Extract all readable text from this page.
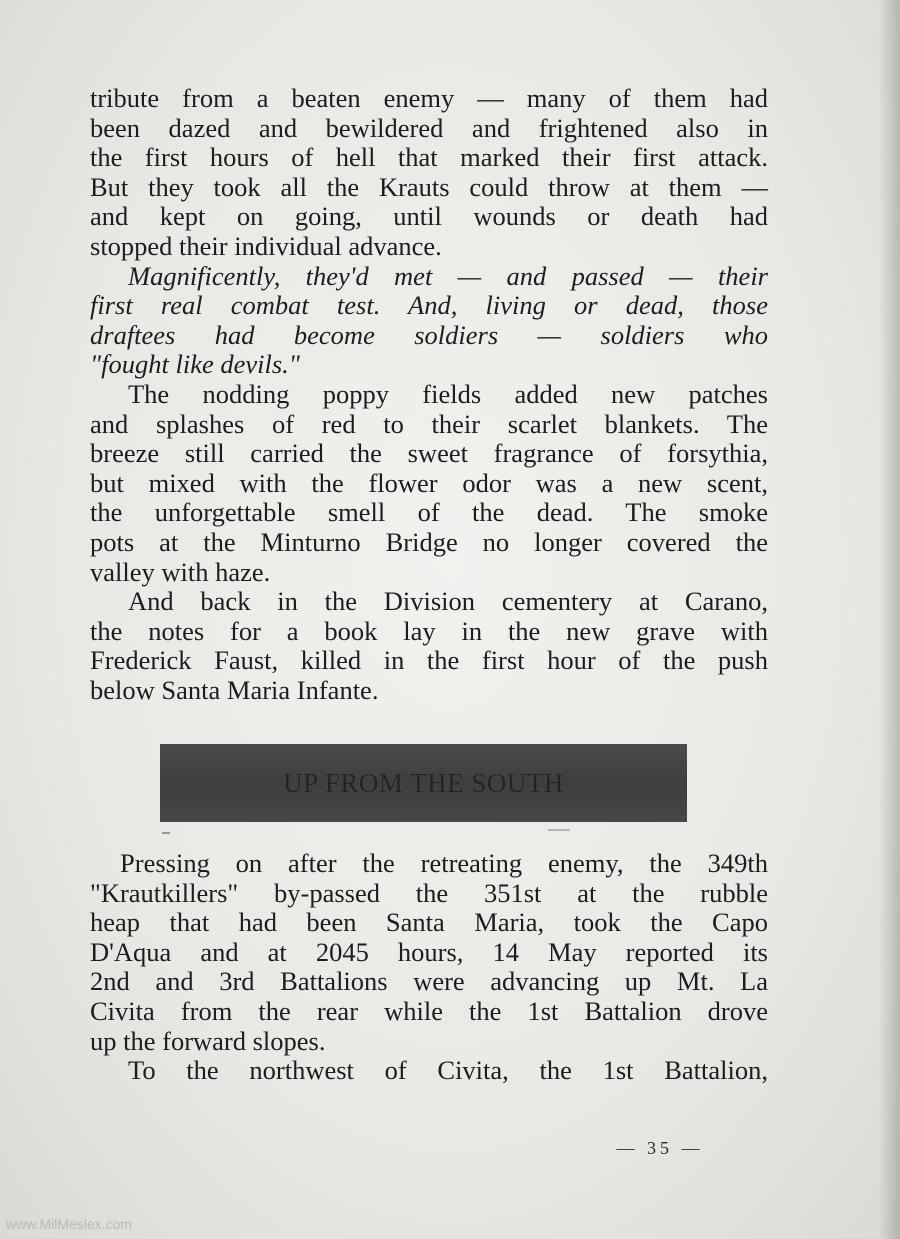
tribute from a beaten enemy — many of them had
been dazed and bewildered and frightened also in
the first hours of hell that marked their first attack.
But they took all the Krauts could throw at them —
and kept on going, until wounds or death had
stopped their individual advance.

Magnificently, they'd met — and passed — their
first real combat test. And, living or dead, those
draftees had become soldiers — soldiers who
"fought like devils."

The nodding poppy fields added new patches
and splashes of red to their scarlet blankets. The
breeze still carried the sweet fragrance of forsythia,
but mixed with the flower odor was a new scent,
the unforgettable smell of the dead. The smoke
pots at the Minturno Bridge no longer covered the
valley with haze.

And back in the Division cementery at Carano,
the notes for a book lay in the new grave with
Frederick Faust, killed in the first hour of the push
below Santa Maria Infante.

UP FROM THE SOUTH

Pressing on after the retreating enemy, the 349th
"Krautkillers" by-passed the 351st at the rubble
heap that had been Santa Maria, took the Capo
D'Aqua and at 2045 hours, 14 May reported its
2nd and 3rd Battalions were advancing up Mt. La
Civita from the rear while the 1st Battalion drove
up the forward slopes.

To the northwest of Civita, the 1st Battalion,

— 35 —
www.MilMeslex.com
